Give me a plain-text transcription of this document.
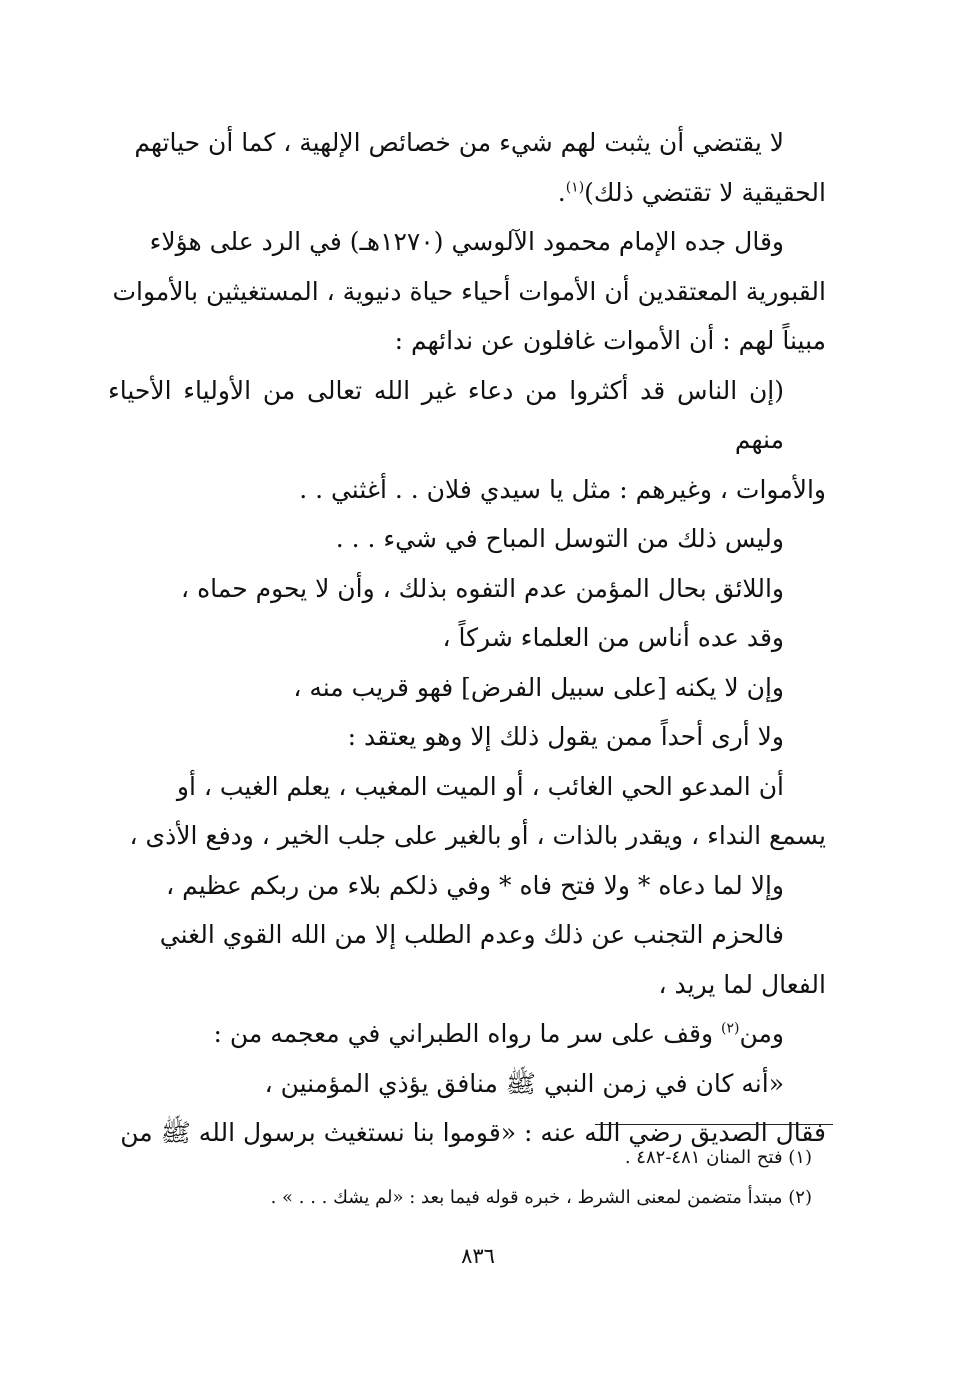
لا يقتضي أن يثبت لهم شيء من خصائص الإلهية ، كما أن حياتهم

الحقيقية لا تقتضي ذلك)$^{(١)}$.

وقال جده الإمام محمود الآلوسي (١٢٧٠هـ) في الرد على هؤلاء

القبورية المعتقدين أن الأموات أحياء حياة دنيوية ، المستغيثين بالأموات

مبيناً لهم : أن الأموات غافلون عن ندائهم :

(إن الناس قد أكثروا من دعاء غير الله تعالى من الأولياء الأحياء منهم

والأموات ، وغيرهم : مثل يا سيدي فلان . . أغثني . .

وليس ذلك من التوسل المباح في شيء . . .

واللائق بحال المؤمن عدم التفوه بذلك ، وأن لا يحوم حماه ،

وقد عده أناس من العلماء شركاً ،

وإن لا يكنه [على سبيل الفرض] فهو قريب منه ،

ولا أرى أحداً ممن يقول ذلك إلا وهو يعتقد :

أن المدعو الحي الغائب ، أو الميت المغيب ، يعلم الغيب ، أو

يسمع النداء ، ويقدر بالذات ، أو بالغير على جلب الخير ، ودفع الأذى ،

وإلا لما دعاه * ولا فتح فاه * وفي ذلكم بلاء من ربكم عظيم ،

فالحزم التجنب عن ذلك وعدم الطلب إلا من الله القوي الغني

الفعال لما يريد ،

ومن$^{(٢)}$ وقف على سر ما رواه الطبراني في معجمه من :

«أنه كان في زمن النبي ﷺ منافق يؤذي المؤمنين ،

فقال الصديق رضي الله عنه : «قوموا بنا نستغيث برسول الله ﷺ من

(١) فتح المنان ٤٨١-٤٨٢ .

(٢) مبتدأ متضمن لمعنى الشرط ، خبره قوله فيما بعد : «لم يشك . . . » .

٨٣٦
